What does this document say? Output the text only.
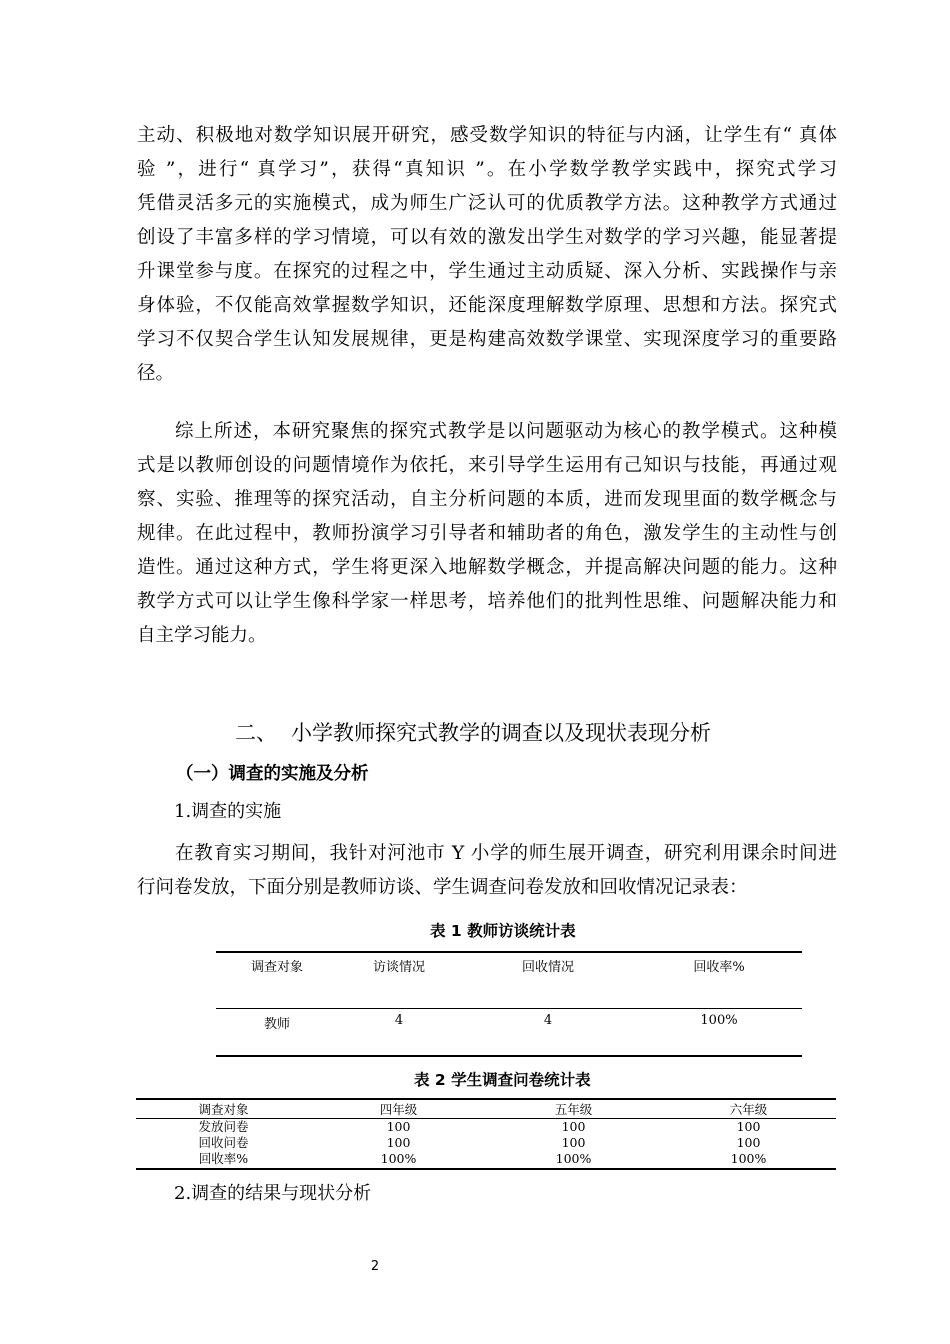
主动、积极地对数学知识展开研究，感受数学知识的特征与内涵，让学生有“ 真体
验 ”，进行“ 真学习”，获得“真知识 ”。在小学数学教学实践中，探究式学习
凭借灵活多元的实施模式，成为师生广泛认可的优质教学方法。这种教学方式通过
创设了丰富多样的学习情境，可以有效的激发出学生对数学的学习兴趣，能显著提
升课堂参与度。在探究的过程之中，学生通过主动质疑、深入分析、实践操作与亲
身体验，不仅能高效掌握数学知识，还能深度理解数学原理、思想和方法。探究式
学习不仅契合学生认知发展规律，更是构建高效数学课堂、实现深度学习的重要路
径。
综上所述，本研究聚焦的探究式教学是以问题驱动为核心的教学模式。这种模
式是以教师创设的问题情境作为依托，来引导学生运用有己知识与技能，再通过观
察、实验、推理等的探究活动，自主分析问题的本质，进而发现里面的数学概念与
规律。在此过程中，教师扮演学习引导者和辅助者的角色，激发学生的主动性与创
造性。通过这种方式，学生将更深入地解数学概念，并提高解决问题的能力。这种
教学方式可以让学生像科学家一样思考，培养他们的批判性思维、问题解决能力和
自主学习能力。
二、 小学教师探究式教学的调查以及现状表现分析
（一）调查的实施及分析
1.调查的实施
在教育实习期间，我针对河池市 Y 小学的师生展开调查，研究利用课余时间进
行问卷发放，下面分别是教师访谈、学生调查问卷发放和回收情况记录表：
表 1 教师访谈统计表
调查对象	访谈情况	回收情况	回收率%
教师	4	4	100%
表 2 学生调查问卷统计表
调查对象	四年级	五年级	六年级
发放问卷	100	100	100
回收问卷	100	100	100
回收率%	100%	100%	100%
2.调查的结果与现状分析
2
